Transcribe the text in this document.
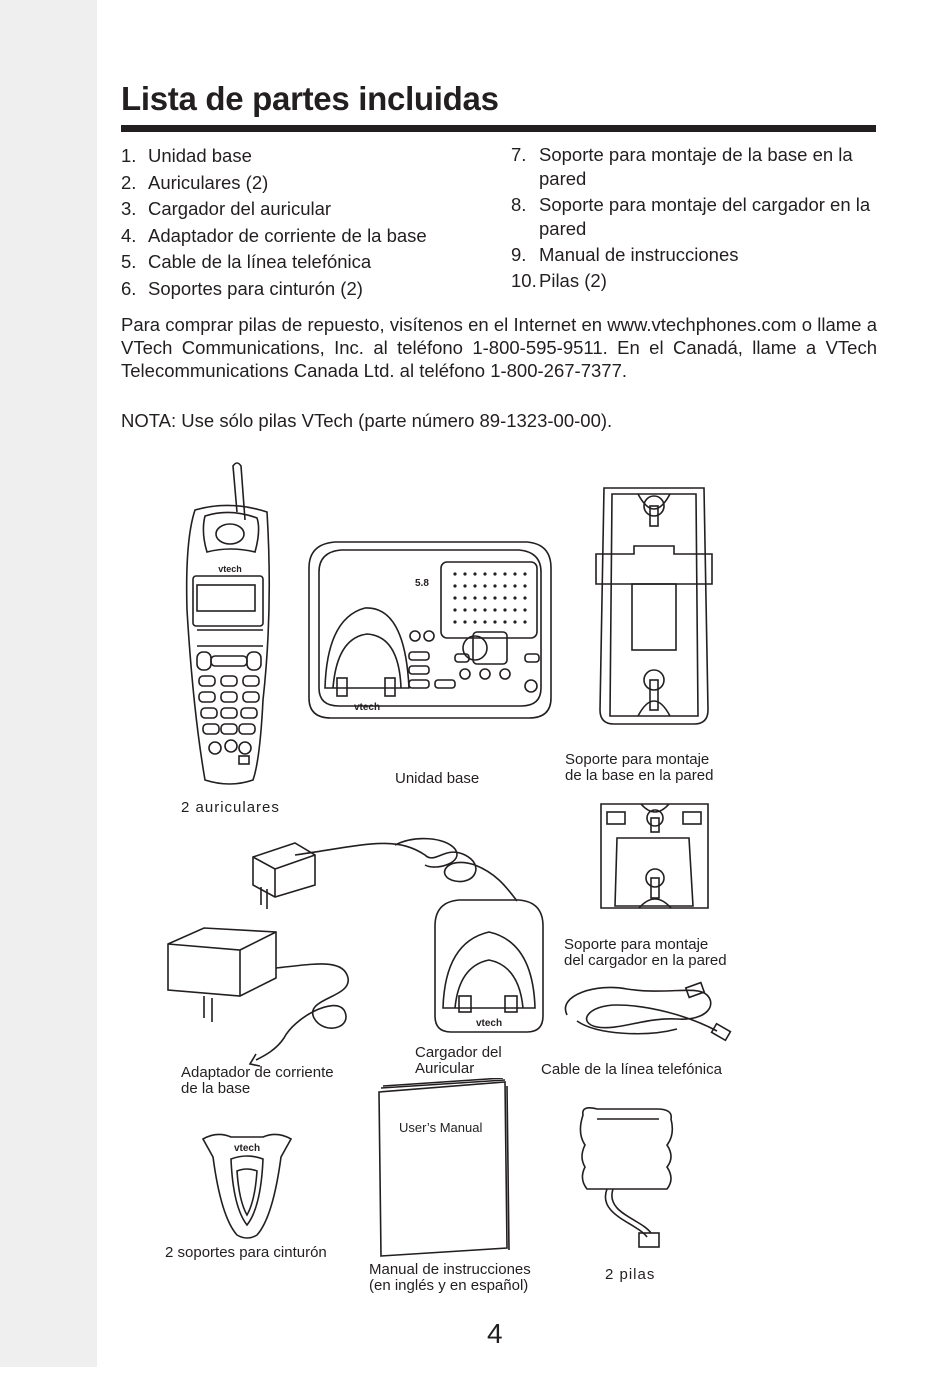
Lista de partes incluidas
1. Unidad base
2. Auriculares (2)
3. Cargador del auricular
4. Adaptador de corriente de la base
5. Cable de la línea telefónica
6. Soportes para cinturón (2)
7. Soporte para montaje de la base en la pared
8. Soporte para montaje del cargador en la pared
9. Manual de instrucciones
10. Pilas (2)

Para comprar pilas de repuesto, visítenos en el Internet en www.vtechphones.com o llame a VTech Communications, Inc. al teléfono 1-800-595-9511. En el Canadá, llame a VTech Telecommunications Canada Ltd. al teléfono 1-800-267-7377.

NOTA: Use sólo pilas VTech (parte número 89-1323-00-00).

vtech
2 auriculares
5.8
vtech
Unidad base
Soporte para montaje
de la base en la pared
Soporte para montaje
del cargador en la pared
Adaptador de corriente
de la base
vtech
Cargador del
Auricular	Cable de la línea telefónica
vtech
2 soportes para cinturón
User’s Manual
Manual de instrucciones
(en inglés y en español)
2 pilas
4
